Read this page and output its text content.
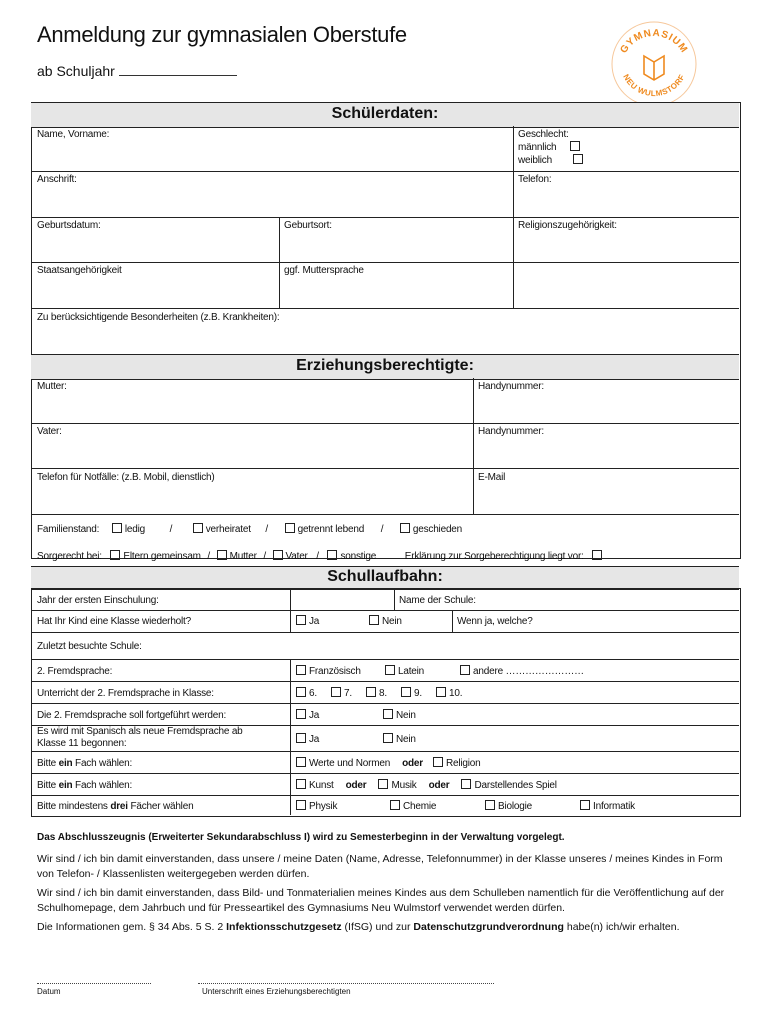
Anmeldung zur gymnasialen Oberstufe
ab Schuljahr
GYMNASIUM
NEU WULMSTORF
Schülerdaten:
Name, Vorname:	Geschlecht:
männlich
weiblich
Anschrift:	Telefon:
Geburtsdatum:	Geburtsort:	Religionszugehörigkeit:
Staatsangehörigkeit	ggf. Muttersprache
Zu berücksichtigende Besonderheiten (z.B. Krankheiten):
Erziehungsberechtigte:
Mutter:	Handynummer:
Vater:	Handynummer:
Telefon für Notfälle: (z.B. Mobil, dienstlich)	E-Mail
Familienstand:	ledig /	verheiratet /	getrennt lebend /	geschieden
Sorgerecht bei: Eltern gemeinsam / Mutter / Vater / sonstige	Erklärung zur Sorgeberechtigung liegt vor:
Schullaufbahn:
Jahr der ersten Einschulung:	Name der Schule:
Hat Ihr Kind eine Klasse wiederholt?	Ja	Nein	Wenn ja, welche?
Zuletzt besuchte Schule:
2. Fremdsprache:	Französisch	Latein	andere ……………………
Unterricht der 2. Fremdsprache in Klasse:	6.	7.	8.	9.	10.
Die 2. Fremdsprache soll fortgeführt werden:	Ja	Nein
Es wird mit Spanisch als neue Fremdsprache ab
Klasse 11 begonnen:	Ja	Nein
Bitte ein Fach wählen:	Werte und Normen oder Religion
Bitte ein Fach wählen:	Kunst oder	Musik oder	Darstellendes Spiel
Bitte mindestens drei Fächer wählen	Physik	Chemie	Biologie	Informatik
Das Abschlusszeugnis (Erweiterter Sekundarabschluss I) wird zu Semesterbeginn in der Verwaltung vorgelegt.
Wir sind / ich bin damit einverstanden, dass unsere / meine Daten (Name, Adresse, Telefonnummer) in der Klasse unseres / meines Kindes in Form von Telefon- / Klassenlisten weitergegeben werden dürfen.
Wir sind / ich bin damit einverstanden, dass Bild- und Tonmaterialien meines Kindes aus dem Schulleben namentlich für die Veröffentlichung auf der Schulhomepage, dem Jahrbuch und für Presseartikel des Gymnasiums Neu Wulmstorf verwendet werden dürfen.
Die Informationen gem. § 34 Abs. 5 S. 2 Infektionsschutzgesetz (IfSG) und zur Datenschutzgrundverordnung habe(n) ich/wir erhalten.
Datum	Unterschrift eines Erziehungsberechtigten
